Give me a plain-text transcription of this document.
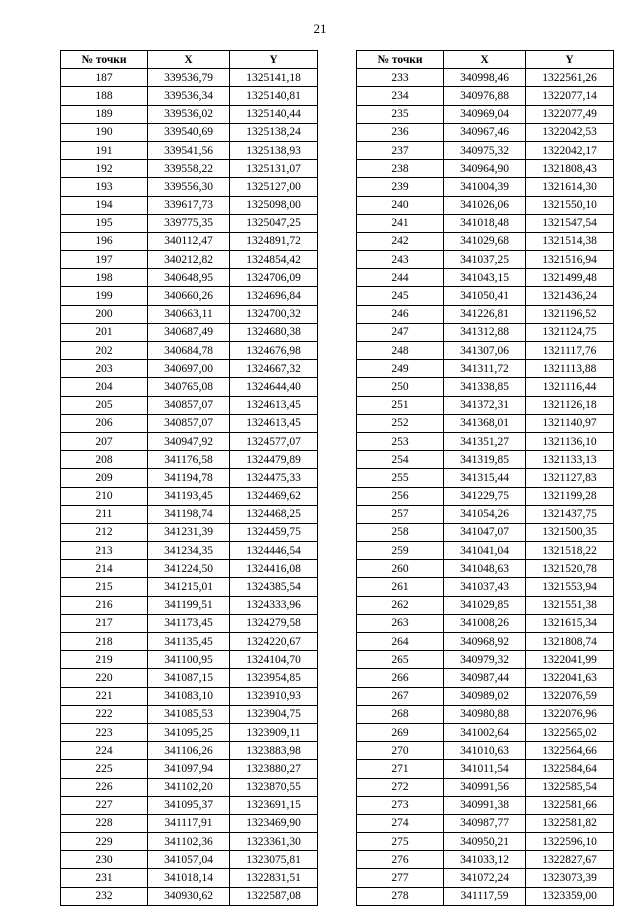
21
№ точки	X	Y
187	339536,79	1325141,18
188	339536,34	1325140,81
189	339536,02	1325140,44
190	339540,69	1325138,24
191	339541,56	1325138,93
192	339558,22	1325131,07
193	339556,30	1325127,00
194	339617,73	1325098,00
195	339775,35	1325047,25
196	340112,47	1324891,72
197	340212,82	1324854,42
198	340648,95	1324706,09
199	340660,26	1324696,84
200	340663,11	1324700,32
201	340687,49	1324680,38
202	340684,78	1324676,98
203	340697,00	1324667,32
204	340765,08	1324644,40
205	340857,07	1324613,45
206	340857,07	1324613,45
207	340947,92	1324577,07
208	341176,58	1324479,89
209	341194,78	1324475,33
210	341193,45	1324469,62
211	341198,74	1324468,25
212	341231,39	1324459,75
213	341234,35	1324446,54
214	341224,50	1324416,08
215	341215,01	1324385,54
216	341199,51	1324333,96
217	341173,45	1324279,58
218	341135,45	1324220,67
219	341100,95	1324104,70
220	341087,15	1323954,85
221	341083,10	1323910,93
222	341085,53	1323904,75
223	341095,25	1323909,11
224	341106,26	1323883,98
225	341097,94	1323880,27
226	341102,20	1323870,55
227	341095,37	1323691,15
228	341117,91	1323469,90
229	341102,36	1323361,30
230	341057,04	1323075,81
231	341018,14	1322831,51
232	340930,62	1322587,08
№ точки	X	Y
233	340998,46	1322561,26
234	340976,88	1322077,14
235	340969,04	1322077,49
236	340967,46	1322042,53
237	340975,32	1322042,17
238	340964,90	1321808,43
239	341004,39	1321614,30
240	341026,06	1321550,10
241	341018,48	1321547,54
242	341029,68	1321514,38
243	341037,25	1321516,94
244	341043,15	1321499,48
245	341050,41	1321436,24
246	341226,81	1321196,52
247	341312,88	1321124,75
248	341307,06	1321117,76
249	341311,72	1321113,88
250	341338,85	1321116,44
251	341372,31	1321126,18
252	341368,01	1321140,97
253	341351,27	1321136,10
254	341319,85	1321133,13
255	341315,44	1321127,83
256	341229,75	1321199,28
257	341054,26	1321437,75
258	341047,07	1321500,35
259	341041,04	1321518,22
260	341048,63	1321520,78
261	341037,43	1321553,94
262	341029,85	1321551,38
263	341008,26	1321615,34
264	340968,92	1321808,74
265	340979,32	1322041,99
266	340987,44	1322041,63
267	340989,02	1322076,59
268	340980,88	1322076,96
269	341002,64	1322565,02
270	341010,63	1322564,66
271	341011,54	1322584,64
272	340991,56	1322585,54
273	340991,38	1322581,66
274	340987,77	1322581,82
275	340950,21	1322596,10
276	341033,12	1322827,67
277	341072,24	1323073,39
278	341117,59	1323359,00
